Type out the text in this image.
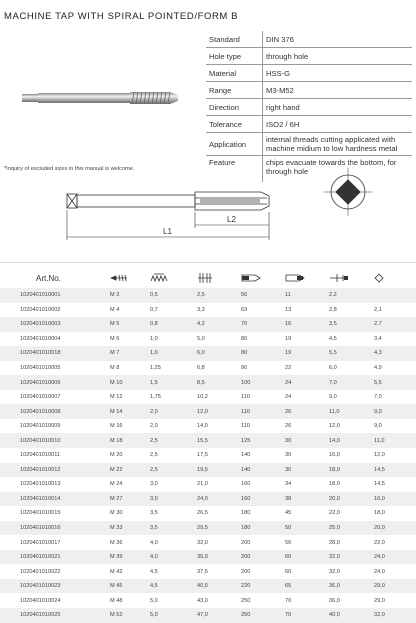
MACHINE TAP WITH SPIRAL POINTED/FORM B
Standard	DIN 376
Hole type	through hole
Material	HSS-G
Range	M3-M52
Direction	right hand
Tolerance	ISO2 / 6H
Application	internal threads cutting applicated with machine midium to low hardness metal
Feature	chips evacuate towards the bottom, for through hole
*Inquiry of excluded sizes in this manual is welcome.
L1
L2
Art.No.							
1020401010001	M 3	0,5	2,5	56	11	2,2	
1020401010002	M 4	0,7	3,3	63	13	2,8	2,1
1020401010003	M 5	0,8	4,2	70	16	3,5	2,7
1020401010004	M 6	1,0	5,0	80	19	4,5	3,4
1020401010018	M 7	1,0	6,0	80	19	5,5	4,3
1020401010005	M 8	1,25	6,8	90	22	6,0	4,9
1020401010006	M 10	1,5	8,5	100	24	7,0	5,5
1020401010007	M 12	1,75	10,2	110	24	9,0	7,0
1020401010008	M 14	2,0	12,0	110	26	11,0	9,0
1020401010009	M 16	2,0	14,0	110	26	12,0	9,0
1020401010010	M 18	2,5	15,5	125	30	14,0	11,0
1020401010011	M 20	2,5	17,5	140	30	16,0	12,0
1020401010012	M 22	2,5	19,5	140	30	18,0	14,5
1020401010013	M 24	3,0	21,0	160	34	18,0	14,5
1020401010014	M 27	3,0	24,0	160	38	20,0	16,0
1020401010015	M 30	3,5	26,5	180	45	22,0	18,0
1020401010016	M 33	3,5	29,5	180	50	25,0	20,0
1020401010017	M 36	4,0	32,0	200	56	28,0	22,0
1020401010021	M 39	4,0	35,0	200	60	32,0	24,0
1020401010022	M 42	4,5	37,5	200	60	32,0	24,0
1020401010023	M 45	4,5	40,5	220	65	36,0	29,0
1020401010024	M 48	5,0	43,0	250	70	36,0	29,0
1020401010025	M 52	5,0	47,0	250	70	40,0	32,0
